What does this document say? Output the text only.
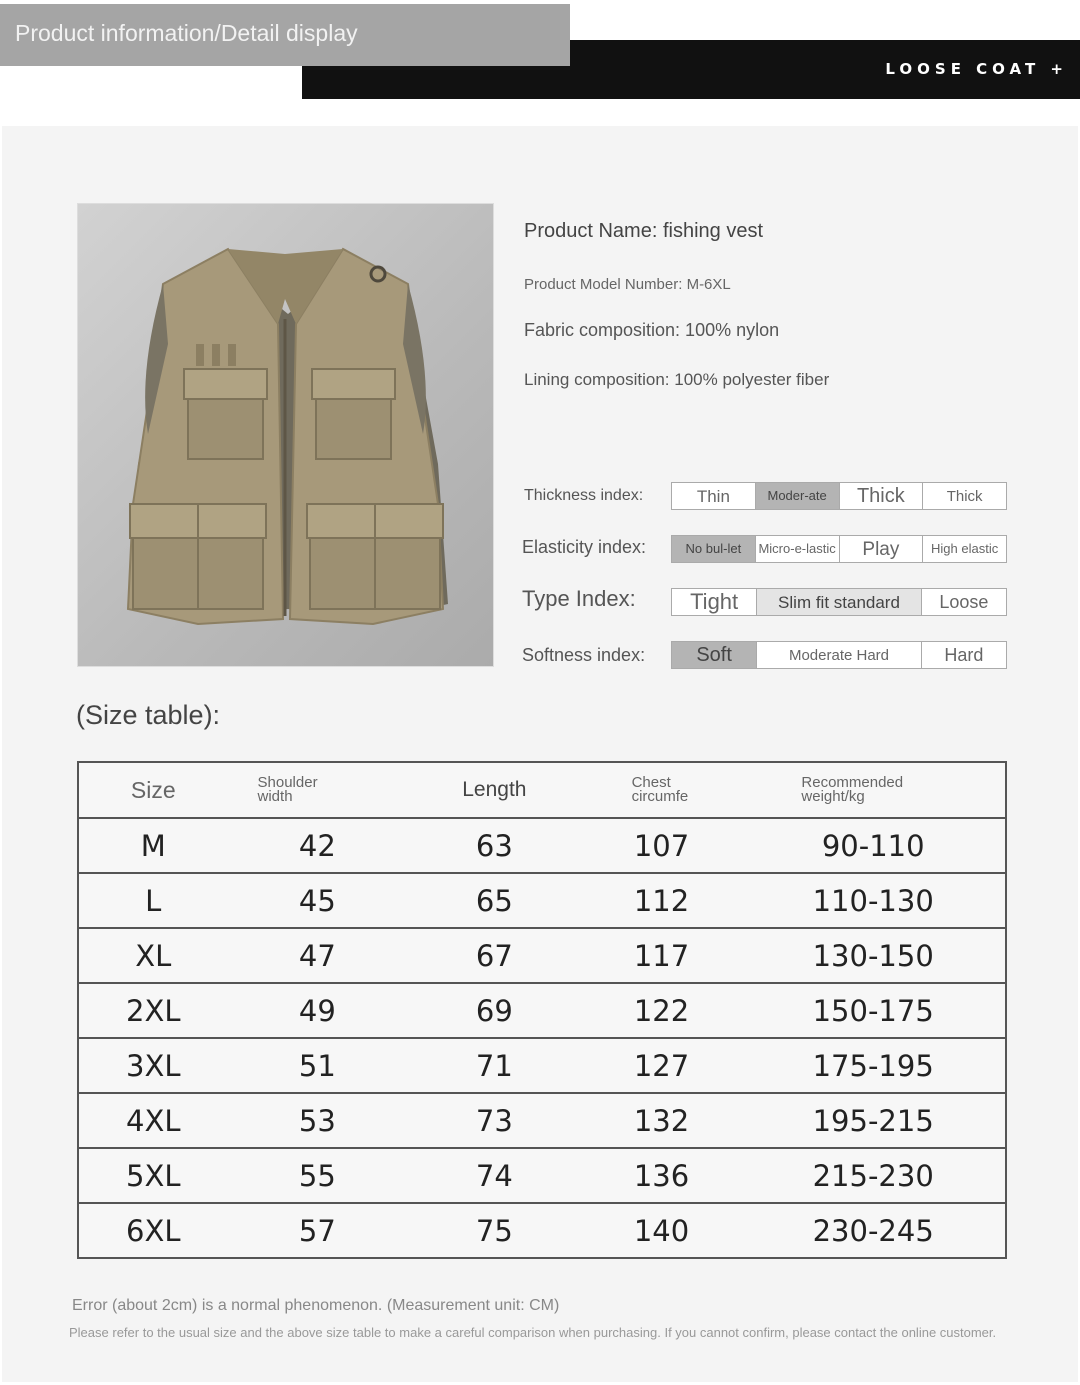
LOOSE COAT +
Product information/Detail display
Product Name: fishing vest
Product Model Number: M-6XL
Fabric composition: 100% nylon
Lining composition: 100% polyester fiber
Thickness index:	Thin	Moder-ate	Thick	Thick
Elasticity index:	No bul-let	Micro-e-lastic	Play	High elastic
Type Index:	Tight	Slim fit standard	Loose
Softness index:	Soft	Moderate Hard	Hard
(Size table):
Size	Shoulder width	Length	Chest circumfe	Recommended weight/kg

M	42	63	107	90-110
L	45	65	112	110-130
XL	47	67	117	130-150
2XL	49	69	122	150-175
3XL	51	71	127	175-195
4XL	53	73	132	195-215
5XL	55	74	136	215-230
6XL	57	75	140	230-245
Error (about 2cm) is a normal phenomenon. (Measurement unit: CM)
Please refer to the usual size and the above size table to make a careful comparison when purchasing. If you cannot confirm, please contact the online customer.
